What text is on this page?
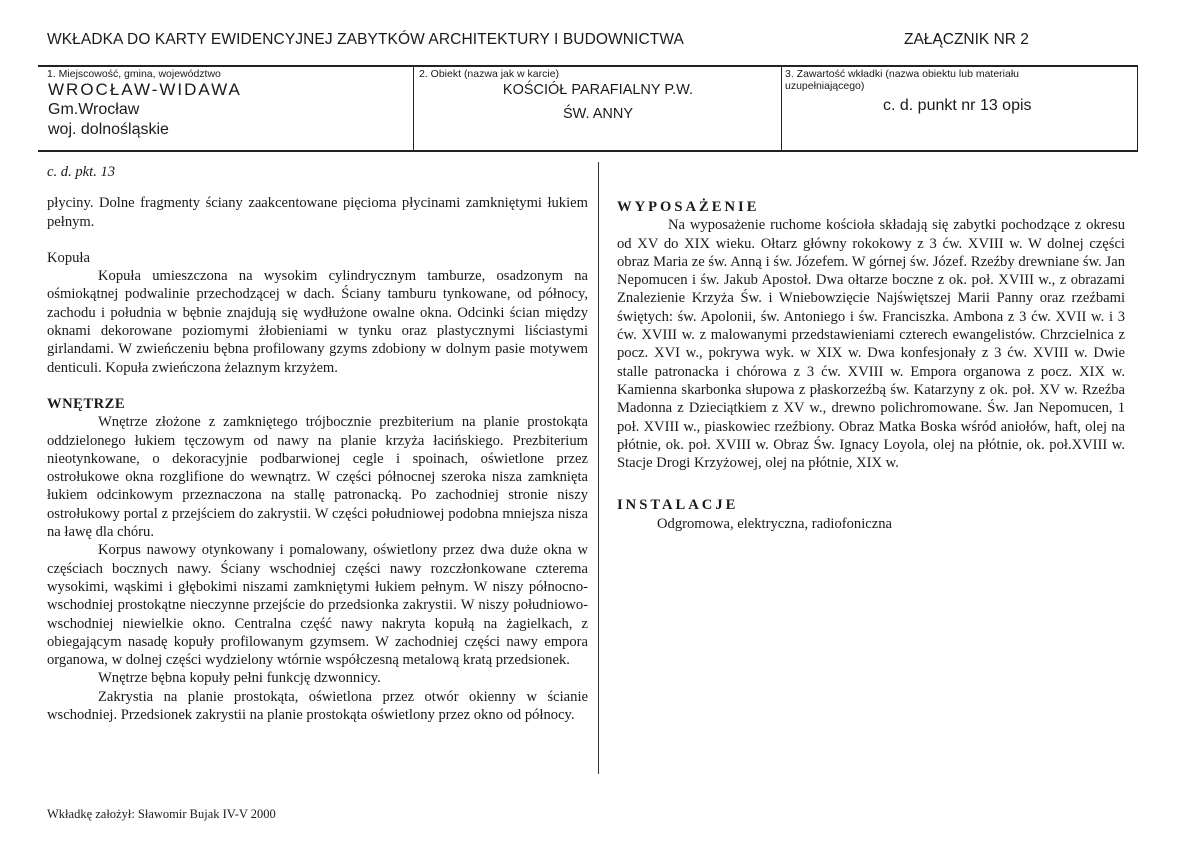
WKŁADKA DO KARTY EWIDENCYJNEJ ZABYTKÓW ARCHITEKTURY I BUDOWNICTWA	ZAŁĄCZNIK NR 2
1. Miejscowość, gmina, województwo
WROCŁAW-WIDAWA
Gm.Wrocław
woj. dolnośląskie
2. Obiekt (nazwa jak w karcie)
KOŚCIÓŁ PARAFIALNY P.W.
ŚW. ANNY
3. Zawartość wkładki (nazwa obiektu lub materiału uzupełniającego)
c. d. punkt nr 13 opis
c. d. pkt. 13

płyciny. Dolne fragmenty ściany zaakcentowane pięcioma płycinami zamkniętymi łukiem pełnym.

Kopuła

Kopuła umieszczona na wysokim cylindrycznym tamburze, osadzonym na ośmiokątnej podwalinie przechodzącej w dach. Ściany tamburu tynkowane, od północy, zachodu i południa w bębnie znajdują się wydłużone owalne okna. Odcinki ścian między oknami dekorowane poziomymi żłobieniami w tynku oraz plastycznymi liściastymi girlandami. W zwieńczeniu bębna profilowany gzyms zdobiony w dolnym pasie motywem denticuli. Kopuła zwieńczona żelaznym krzyżem.

WNĘTRZE

Wnętrze złożone z zamkniętego trójbocznie prezbiterium na planie prostokąta oddzielonego łukiem tęczowym od nawy na planie krzyża łacińskiego. Prezbiterium nieotynkowane, o dekoracyjnie podbarwionej cegle i spoinach, oświetlone przez ostrołukowe okna rozglifione do wewnątrz. W części północnej szeroka nisza zamknięta łukiem odcinkowym przeznaczona na stallę patronacką. Po zachodniej stronie niszy ostrołukowy portal z przejściem do zakrystii. W części południowej podobna mniejsza nisza na ławę dla chóru.

Korpus nawowy otynkowany i pomalowany, oświetlony przez dwa duże okna w częściach bocznych nawy. Ściany wschodniej części nawy rozczłonkowane czterema wysokimi, wąskimi i głębokimi niszami zamkniętymi łukiem pełnym. W niszy północno-wschodniej prostokątne nieczynne przejście do przedsionka zakrystii. W niszy południowo-wschodniej niewielkie okno. Centralna część nawy nakryta kopułą na żagielkach, z obiegającym nasadę kopuły profilowanym gzymsem. W zachodniej części nawy empora organowa, w dolnej części wydzielony wtórnie współczesną metalową kratą przedsionek.

Wnętrze bębna kopuły pełni funkcję dzwonnicy.

Zakrystia na planie prostokąta, oświetlona przez otwór okienny w ścianie wschodniej. Przedsionek zakrystii na planie prostokąta oświetlony przez okno od północy.

WYPOSAŻENIE

Na wyposażenie ruchome kościoła składają się zabytki pochodzące z okresu od XV do XIX wieku. Ołtarz główny rokokowy z 3 ćw. XVIII w. W dolnej części obraz Maria ze św. Anną i św. Józefem. W górnej św. Józef. Rzeźby drewniane św. Jan Nepomucen i św. Jakub Apostoł. Dwa ołtarze boczne z ok. poł. XVIII w., z obrazami Znalezienie Krzyża Św. i Wniebowzięcie Najświętszej Marii Panny oraz rzeźbami świętych: św. Apolonii, św. Antoniego i św. Franciszka. Ambona z 3 ćw. XVII w. i 3 ćw. XVIII w. z malowanymi przedstawieniami czterech ewangelistów. Chrzcielnica z pocz. XVI w., pokrywa wyk. w XIX w. Dwa konfesjonały z 3 ćw. XVIII w. Dwie stalle patronacka i chórowa z 3 ćw. XVIII w. Empora organowa z pocz. XIX w. Kamienna skarbonka słupowa z płaskorzeźbą św. Katarzyny z ok. poł. XV w. Rzeźba Madonna z Dzieciątkiem z XV w., drewno polichromowane. Św. Jan Nepomucen, 1 poł. XVIII w., piaskowiec rzeźbiony. Obraz Matka Boska wśród aniołów, haft, olej na płótnie, ok. poł. XVIII w. Obraz Św. Ignacy Loyola, olej na płótnie, ok. poł.XVIII w. Stacje Drogi Krzyżowej, olej na płótnie, XIX w.

INSTALACJE

Odgromowa, elektryczna, radiofoniczna

Wkładkę założył: Sławomir Bujak IV-V 2000
